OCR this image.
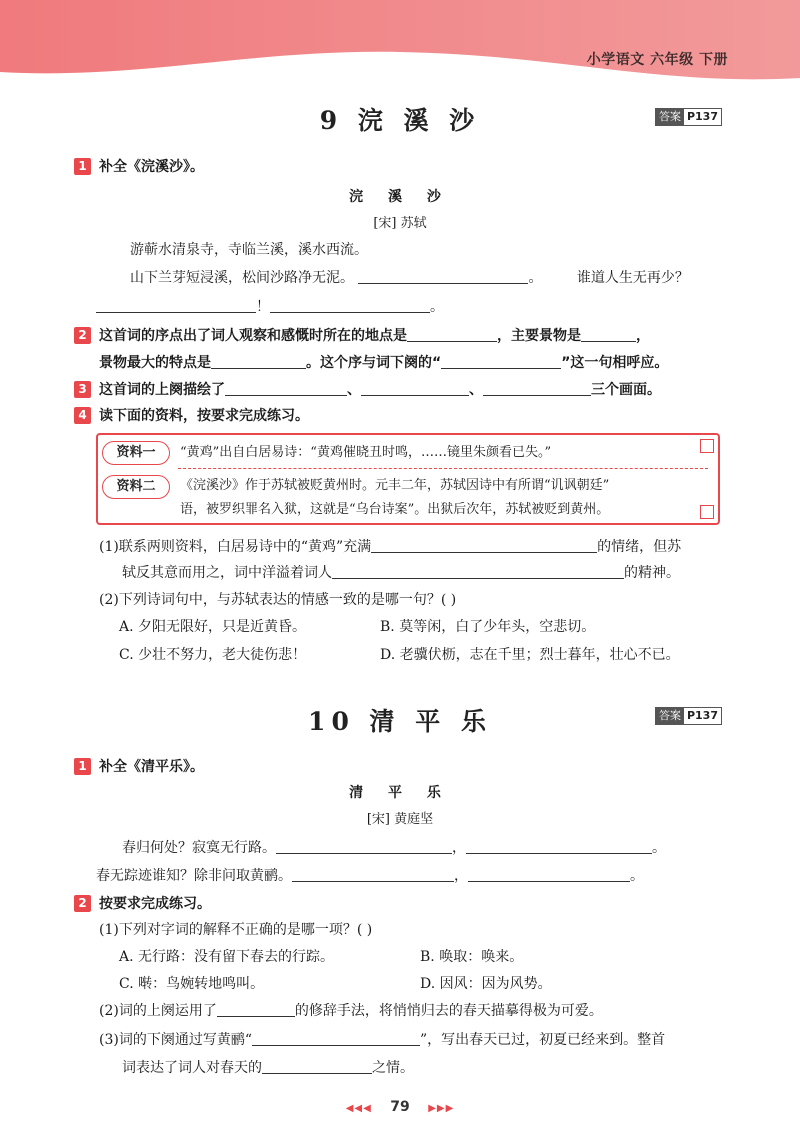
小学语文 六年级 下册
9 浣 溪 沙	答案 P137
1 补全《浣溪沙》。
浣 溪 沙
[宋] 苏轼
游蕲水清泉寺，寺临兰溪，溪水西流。
山下兰芽短浸溪，松间沙路净无泥。	。 谁道人生无再少？
！	。
2 这首词的序点出了词人观察和感慨时所在的地点是	，主要景物是	，
景物最大的特点是	。这个序与词下阕的“	”这一句相呼应。
3 这首词的上阕描绘了	、	、	三个画面。
4 读下面的资料，按要求完成练习。
资料一	“黄鸡”出自白居易诗：“黄鸡催晓丑时鸣，……镜里朱颜看已失。”
资料二	《浣溪沙》作于苏轼被贬黄州时。元丰二年，苏轼因诗中有所谓“讥讽朝廷”
语，被罗织罪名入狱，这就是“乌台诗案”。出狱后次年，苏轼被贬到黄州。
(1)联系两则资料，白居易诗中的“黄鸡”充满	的情绪，但苏
轼反其意而用之，词中洋溢着词人	的精神。
(2)下列诗词句中，与苏轼表达的情感一致的是哪一句？( )
A. 夕阳无限好，只是近黄昏。	B. 莫等闲，白了少年头，空悲切。
C. 少壮不努力，老大徒伤悲！	D. 老骥伏枥，志在千里；烈士暮年，壮心不已。
10 清 平 乐	答案 P137
1 补全《清平乐》。
清 平 乐
[宋] 黄庭坚
春归何处？寂寞无行路。	，	。
春无踪迹谁知？除非问取黄鹂。	，	。
2 按要求完成练习。
(1)下列对字词的解释不正确的是哪一项？( )
A. 无行路：没有留下春去的行踪。	B. 唤取：唤来。
C. 啭：鸟婉转地鸣叫。	D. 因风：因为风势。
(2)词的上阕运用了	的修辞手法，将悄悄归去的春天描摹得极为可爱。
(3)词的下阕通过写黄鹂“	”，写出春天已过，初夏已经来到。整首
词表达了词人对春天的	之情。
◀◀◀ 79 ▶▶▶
